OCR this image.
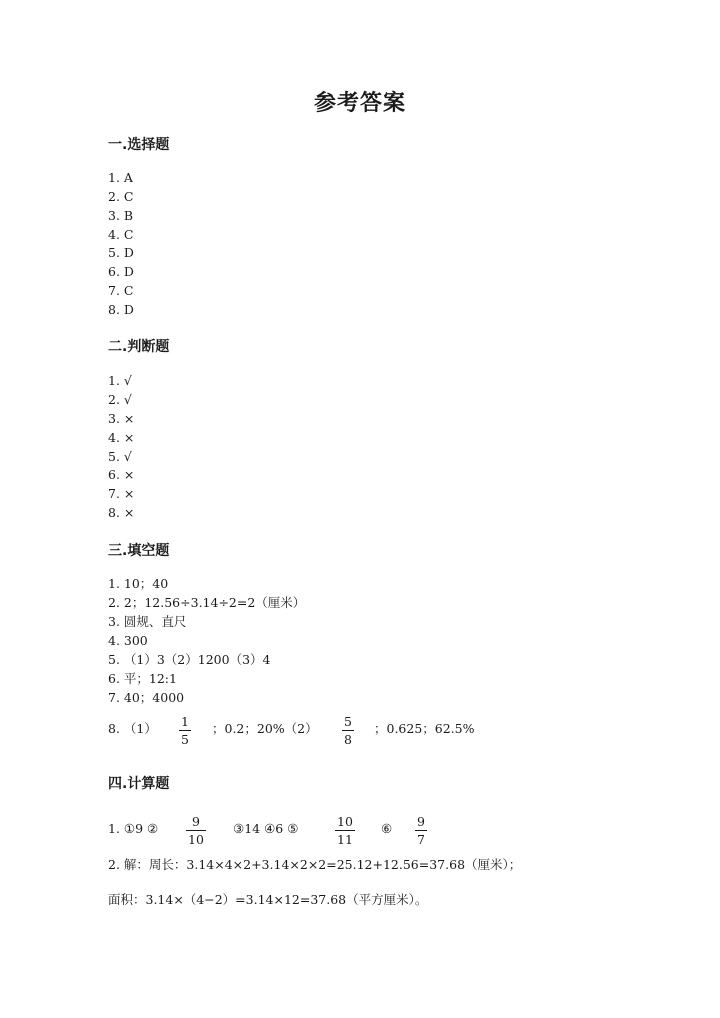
参考答案
一.选择题
1. A
2. C
3. B
4. C
5. D
6. D
7. C
8. D
二.判断题
1. √
2. √
3. ×
4. ×
5. √
6. ×
7. ×
8. ×
三.填空题
1. 10；40
2. 2；12.56÷3.14÷2=2（厘米）
3. 圆规、直尺
4. 300
5. （1）3（2）1200（3）4
6. 平；12:1
7. 40；4000
8. （1） 1
5
；0.2；20%（2） 5
8
；0.625；62.5%
四.计算题
1. ①9 ②	9
10
③14 ④6 ⑤	10
11
⑥ 9
7
2. 解：周长：3.14×4×2+3.14×2×2=25.12+12.56=37.68（厘米）；
面积：3.14×（4−2）=3.14×12=37.68（平方厘米）。
